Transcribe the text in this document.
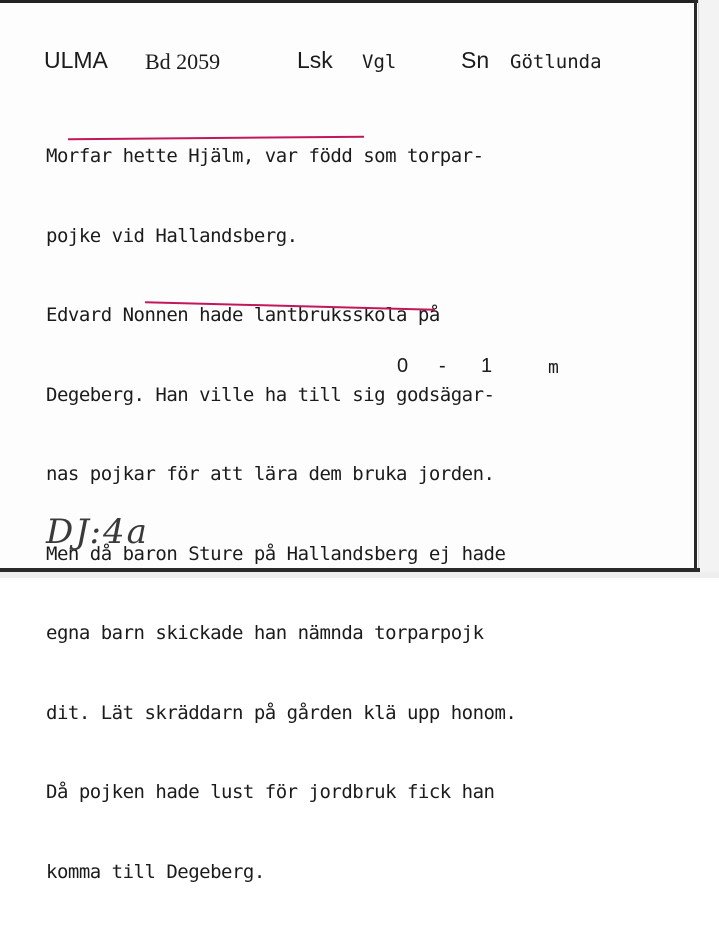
ULMA Bd 2059	Lsk Vgl	Sn Götlunda

Morfar hette Hjälm, var född som torpar-

pojke vid Hallandsberg.

Edvard Nonnen hade lantbruksskola på

Degeberg. Han ville ha till sig godsägar-

nas pojkar för att lära dem bruka jorden.

Men då baron Sture på Hallandsberg ej hade

egna barn skickade han nämnda torparpojk

dit. Lät skräddarn på gården klä upp honom.

Då pojken hade lust för jordbruk fick han

komma till Degeberg.

0 - 1	m
DJ:4a
